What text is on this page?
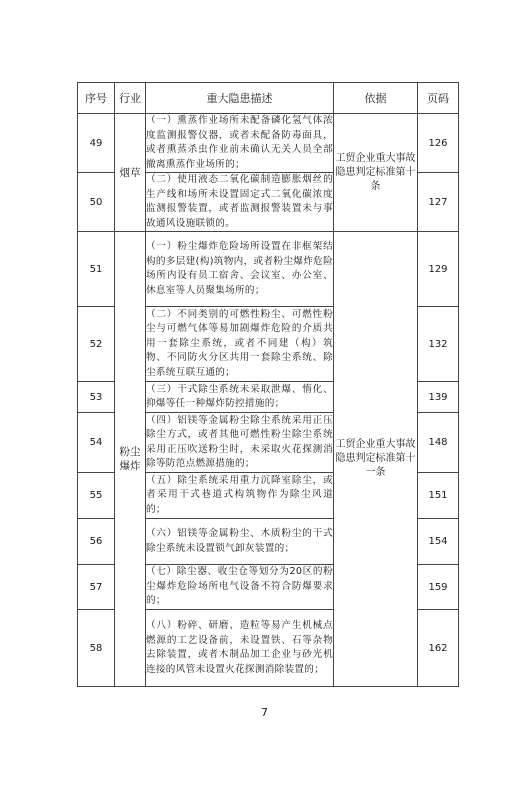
序号	行业	重大隐患描述	依据	页码
49	烟草	（一）熏蒸作业场所未配备磷化氢气体浓度监测报警仪器，或者未配备防毒面具，或者熏蒸杀虫作业前未确认无关人员全部撤离熏蒸作业场所的；	工贸企业重大事故隐患判定标准第十条	126
50		（二）使用液态二氧化碳制造膨胀烟丝的生产线和场所未设置固定式二氧化碳浓度监测报警装置，或者监测报警装置未与事故通风设施联锁的。		127
51	粉尘爆炸	（一）粉尘爆炸危险场所设置在非框架结构的多层建(构)筑物内，或者粉尘爆炸危险场所内设有员工宿舍、会议室、办公室、休息室等人员聚集场所的；	工贸企业重大事故隐患判定标准第十一条	129
52		（二）不同类别的可燃性粉尘、可燃性粉尘与可燃气体等易加剧爆炸危险的介质共用一套除尘系统，或者不同建（构）筑物、不同防火分区共用一套除尘系统、除尘系统互联互通的；		132
53		（三）干式除尘系统未采取泄爆、惰化、抑爆等任一种爆炸防控措施的；		139
54		（四）铝镁等金属粉尘除尘系统采用正压除尘方式，或者其他可燃性粉尘除尘系统采用正压吹送粉尘时，未采取火花探测消除等防范点燃源措施的；		148
55		（五）除尘系统采用重力沉降室除尘，或者采用干式巷道式构筑物作为除尘风道的；		151
56		（六）铝镁等金属粉尘、木质粉尘的干式除尘系统未设置锁气卸灰装置的；		154
57		（七）除尘器、收尘仓等划分为20区的粉尘爆炸危险场所电气设备不符合防爆要求的；		159
58		（八）粉碎、研磨、造粒等易产生机械点燃源的工艺设备前，未设置铁、石等杂物去除装置，或者木制品加工企业与砂光机连接的风管未设置火花探测消除装置的；		162
7
